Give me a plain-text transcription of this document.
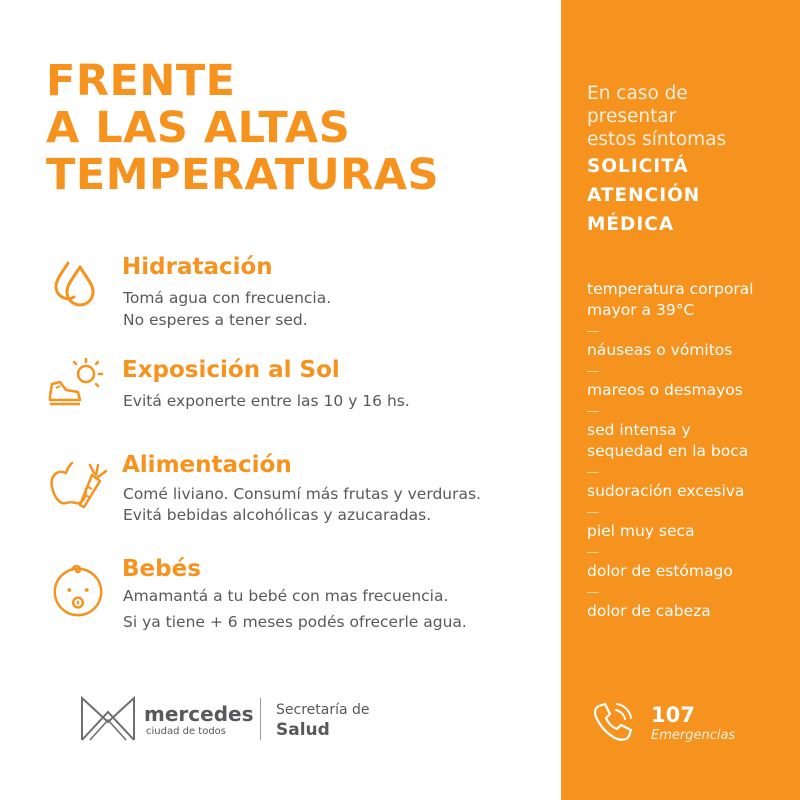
FRENTE
A LAS ALTAS
TEMPERATURAS
Hidratación

Tomá agua con frecuencia.

No esperes a tener sed.

Exposición al Sol

Evitá exponerte entre las 10 y 16 hs.

Alimentación

Comé liviano. Consumí más frutas y verduras.

Evitá bebidas alcohólicas y azucaradas.

Bebés

Amamantá a tu bebé con mas frecuencia.

Si ya tiene + 6 meses podés ofrecerle agua.

mercedes
ciudad de todos
Secretaría de
Salud
En caso de
presentar
estos síntomas
SOLICITÁ
ATENCIÓN
MÉDICA
temperatura corporal
mayor a 39°C
náuseas o vómitos
mareos o desmayos
sed intensa y
sequedad en la boca
sudoración excesiva
piel muy seca
dolor de estómago
dolor de cabeza
107
Emergencias
